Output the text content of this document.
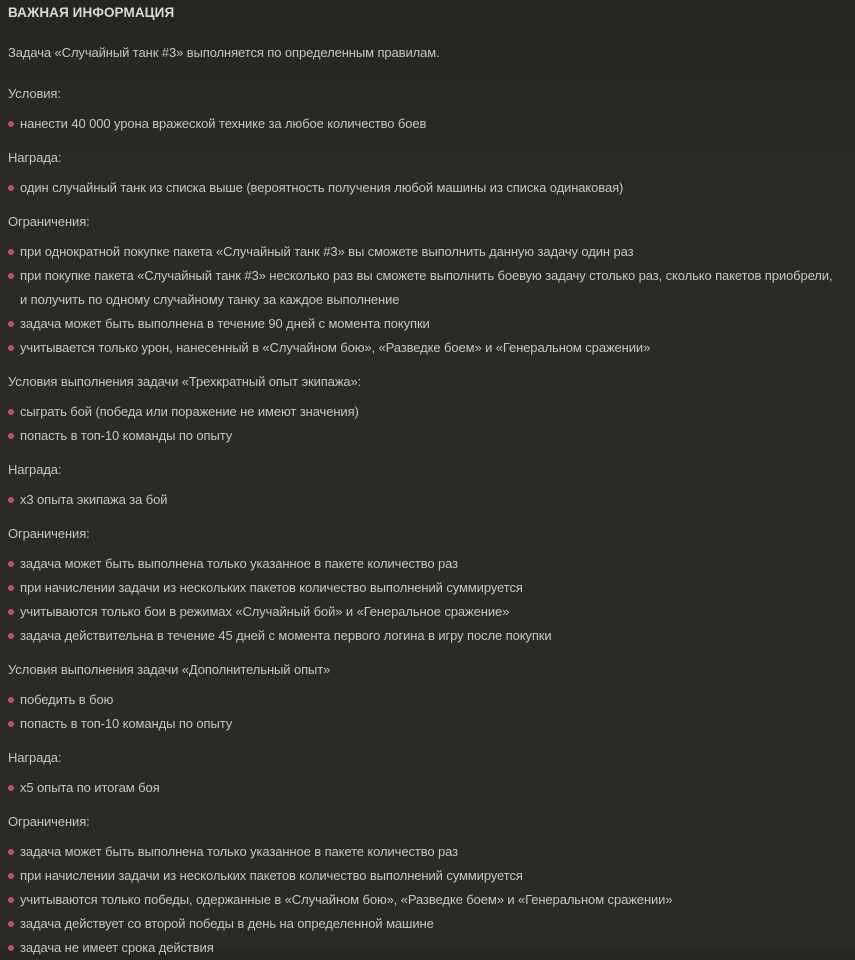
ВАЖНАЯ ИНФОРМАЦИЯ

Задача «Случайный танк #3» выполняется по определенным правилам.

Условия:

нанести 40 000 урона вражеской технике за любое количество боев

Награда:

один случайный танк из списка выше (вероятность получения любой машины из списка одинаковая)

Ограничения:

при однократной покупке пакета «Случайный танк #3» вы сможете выполнить данную задачу один раз
при покупке пакета «Случайный танк #3» несколько раз вы сможете выполнить боевую задачу столько раз, сколько пакетов приобрели, и получить по одному случайному танку за каждое выполнение
задача может быть выполнена в течение 90 дней с момента покупки
учитывается только урон, нанесенный в «Случайном бою», «Разведке боем» и «Генеральном сражении»

Условия выполнения задачи «Трехкратный опыт экипажа»:

сыграть бой (победа или поражение не имеют значения)
попасть в топ-10 команды по опыту

Награда:

х3 опыта экипажа за бой

Ограничения:

задача может быть выполнена только указанное в пакете количество раз
при начислении задачи из нескольких пакетов количество выполнений суммируется
учитываются только бои в режимах «Случайный бой» и «Генеральное сражение»
задача действительна в течение 45 дней с момента первого логина в игру после покупки

Условия выполнения задачи «Дополнительный опыт»

победить в бою
попасть в топ-10 команды по опыту

Награда:

х5 опыта по итогам боя

Ограничения:

задача может быть выполнена только указанное в пакете количество раз
при начислении задачи из нескольких пакетов количество выполнений суммируется
учитываются только победы, одержанные в «Случайном бою», «Разведке боем» и «Генеральном сражении»
задача действует со второй победы в день на определенной машине
задача не имеет срока действия
